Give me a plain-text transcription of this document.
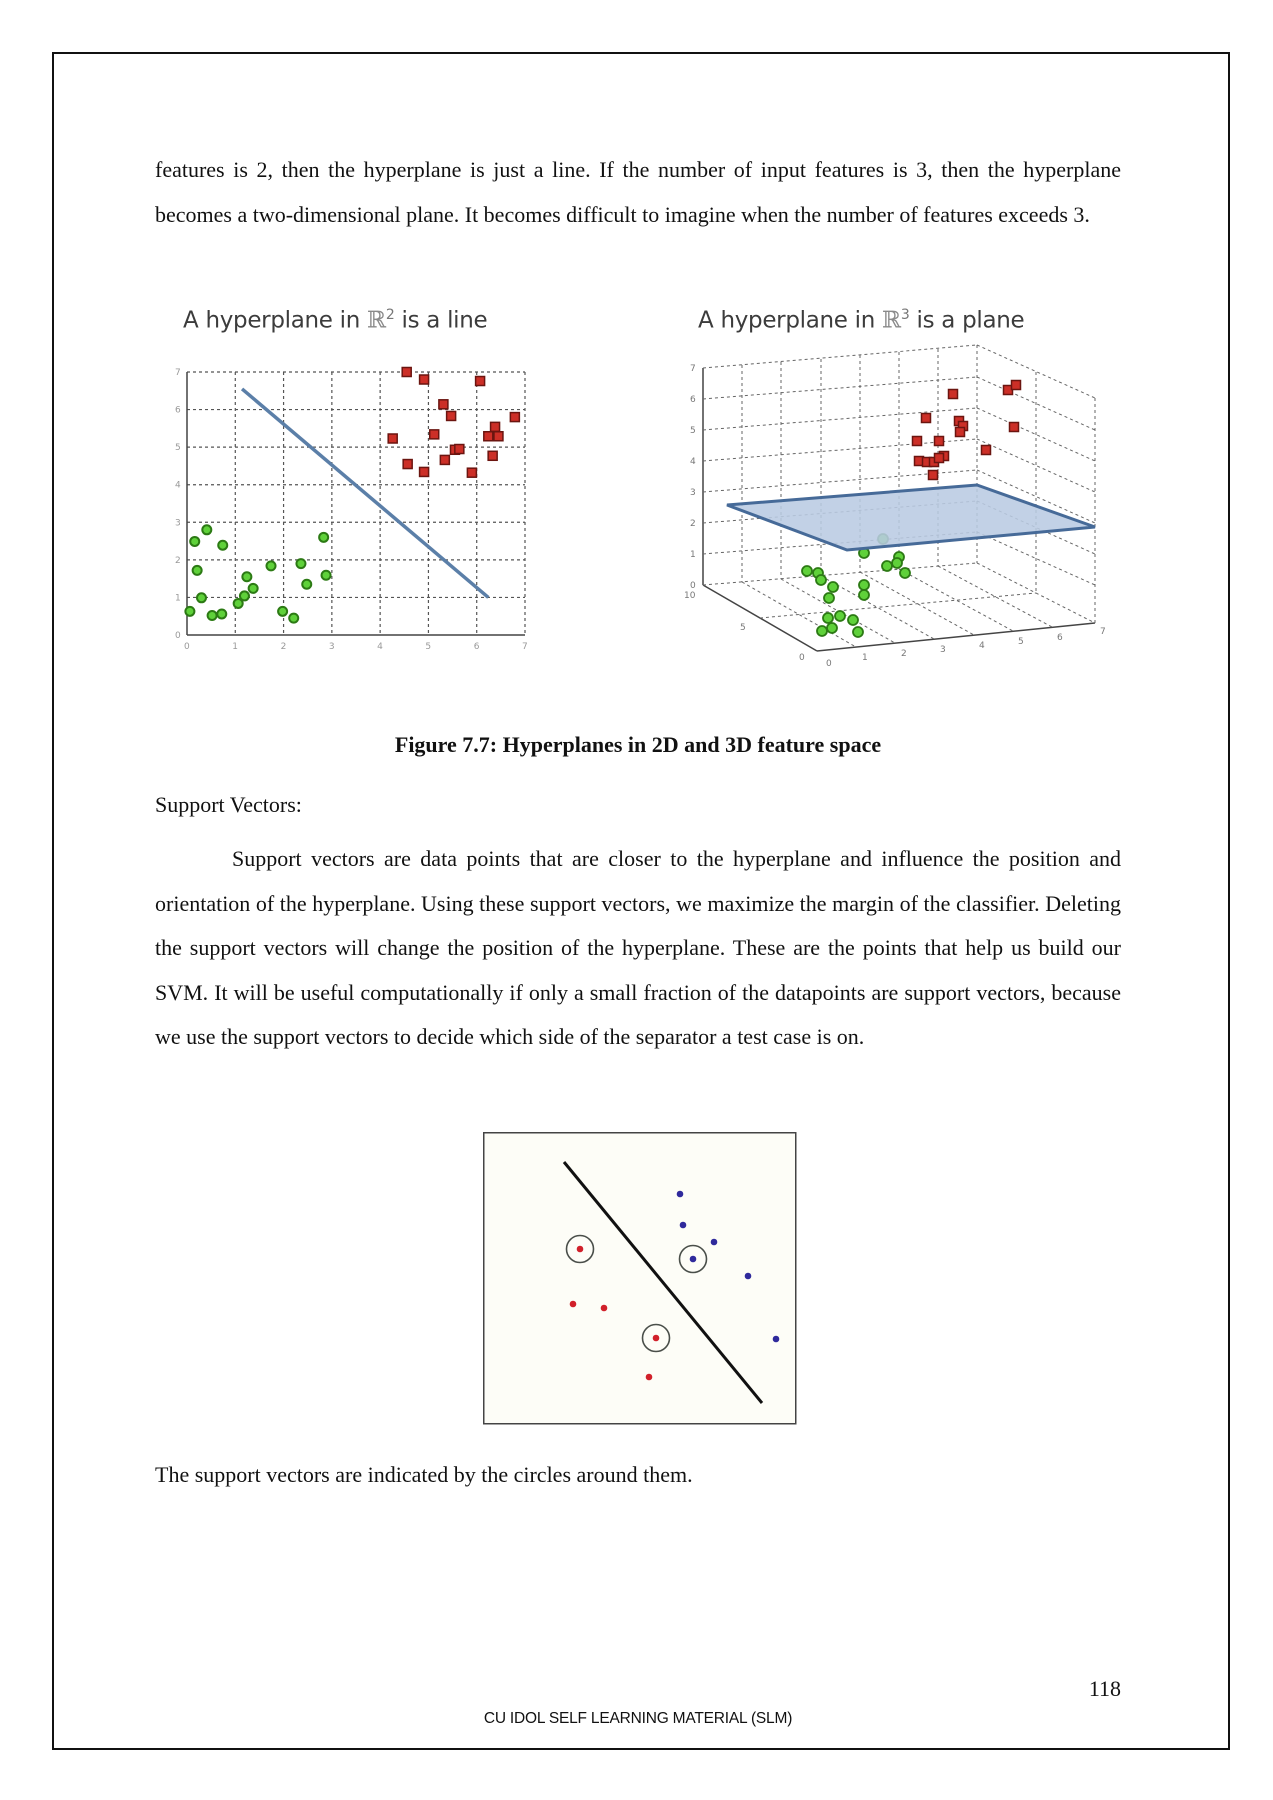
features is 2, then the hyperplane is just a line. If the number of input features is 3, then the hyperplane becomes a two-dimensional plane. It becomes difficult to imagine when the number of features exceeds 3.

A hyperplane in ℝ$^2$ is a line
0	1	2	3	4	5	6	7
0
1
2
3
4
5
6
7
A hyperplane in ℝ$^3$ is a plane
7
6
5
4
3
2
1
0
10
5
0
0
1	2	3	4	5	6
7
Figure 7.7: Hyperplanes in 2D and 3D feature space
Support Vectors:

Support vectors are data points that are closer to the hyperplane and influence the position and orientation of the hyperplane. Using these support vectors, we maximize the margin of the classifier. Deleting the support vectors will change the position of the hyperplane. These are the points that help us build our SVM. It will be useful computationally if only a small fraction of the datapoints are support vectors, because we use the support vectors to decide which side of the separator a test case is on.

The support vectors are indicated by the circles around them.

118
CU IDOL SELF LEARNING MATERIAL (SLM)
